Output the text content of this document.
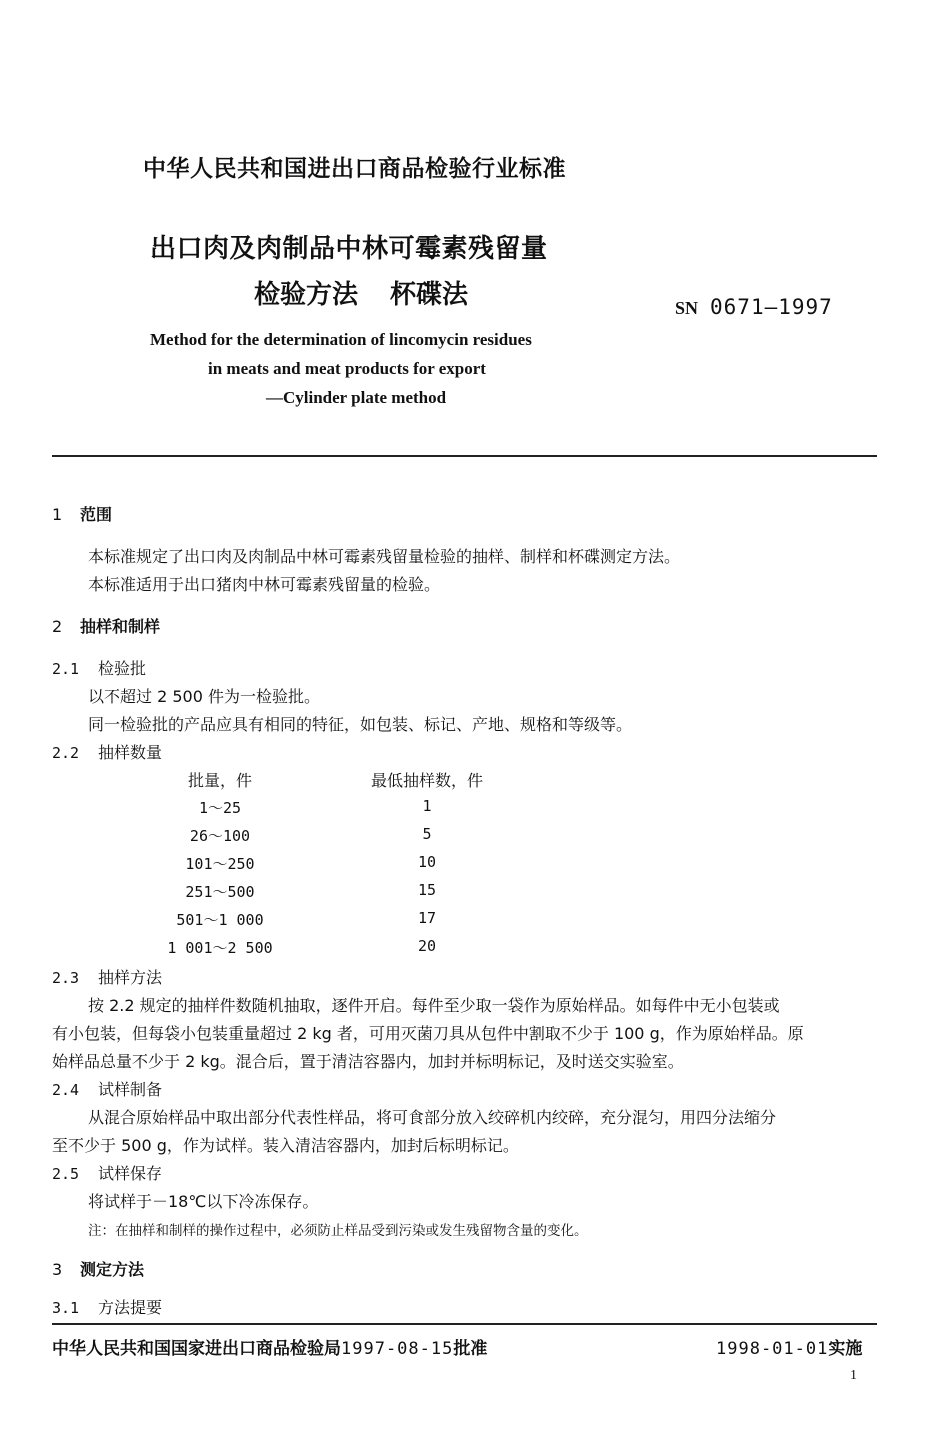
中华人民共和国进出口商品检验行业标准
出口肉及肉制品中林可霉素残留量
检验方法 杯碟法	SN 0671—1997
Method for the determination of lincomycin residues
in meats and meat products for export
—Cylinder plate method
1 范围
本标准规定了出口肉及肉制品中林可霉素残留量检验的抽样、制样和杯碟测定方法。
本标准适用于出口猪肉中林可霉素残留量的检验。
2 抽样和制样
2.1 检验批
以不超过 2 500 件为一检验批。
同一检验批的产品应具有相同的特征，如包装、标记、产地、规格和等级等。
2.2 抽样数量
批量，件	最低抽样数，件
1～25	1
26～100	5
101～250	10
251～500	15
501～1 000	17
1 001～2 500	20
2.3 抽样方法
按 2.2 规定的抽样件数随机抽取，逐件开启。每件至少取一袋作为原始样品。如每件中无小包装或
有小包装，但每袋小包装重量超过 2 kg 者，可用灭菌刀具从包件中割取不少于 100 g，作为原始样品。原
始样品总量不少于 2 kg。混合后，置于清洁容器内，加封并标明标记，及时送交实验室。
2.4 试样制备
从混合原始样品中取出部分代表性样品，将可食部分放入绞碎机内绞碎，充分混匀，用四分法缩分
至不少于 500 g，作为试样。装入清洁容器内，加封后标明标记。
2.5 试样保存
将试样于－18℃以下冷冻保存。
注：在抽样和制样的操作过程中，必须防止样品受到污染或发生残留物含量的变化。
3 测定方法
3.1 方法提要
中华人民共和国国家进出口商品检验局1997-08-15批准	1998-01-01实施
1
